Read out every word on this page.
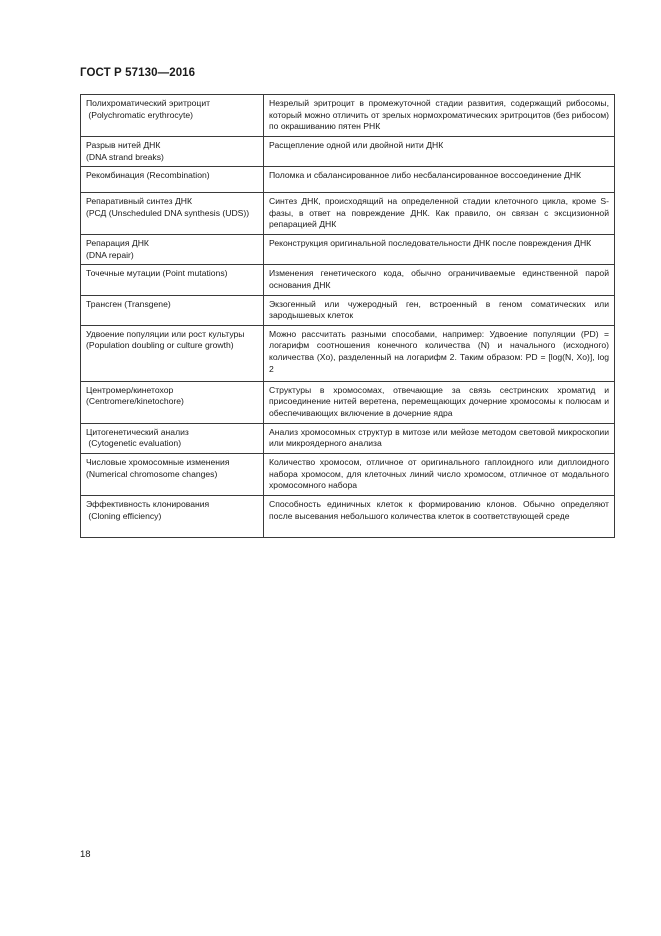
ГОСТ Р 57130—2016
Полихроматический эритроцит
(Polychromatic erythrocyte)	Незрелый эритроцит в промежуточной стадии развития, содержащий рибосомы, который можно отличить от зрелых нормохроматических эритроцитов (без рибосом) по окрашиванию пятен РНК

Разрыв нитей ДНК
(DNA strand breaks)	Расщепление одной или двойной нити ДНК

Рекомбинация (Recombination)	Поломка и сбалансированное либо несбалансированное воссоединение ДНК

Репаративный синтез ДНК
(РСД (Unscheduled DNA synthesis (UDS))	Синтез ДНК, происходящий на определенной стадии клеточного цикла, кроме S-фазы, в ответ на повреждение ДНК. Как правило, он связан с эксцизионной репарацией ДНК

Репарация ДНК
(DNA repair)	Реконструкция оригинальной последовательности ДНК после повреждения ДНК

Точечные мутации (Point mutations)	Изменения генетического кода, обычно ограничиваемые единственной парой основания ДНК

Трансген (Transgene)	Экзогенный или чужеродный ген, встроенный в геном соматических или зародышевых клеток

Удвоение популяции или рост культуры
(Population doubling or culture growth)	Можно рассчитать разными способами, например: Удвоение популяции (PD) = логарифм соотношения конечного количества (N) и начального (исходного) количества (Xo), разделенный на логарифм 2. Таким образом: PD = [log(N, Xo)], log 2

Центромер/кинетохор
(Centromere/kinetochore)	Структуры в хромосомах, отвечающие за связь сестринских хроматид и присоединение нитей веретена, перемещающих дочерние хромосомы к полюсам и обеспечивающих включение в дочерние ядра

Цитогенетический анализ
(Cytogenetic evaluation)	Анализ хромосомных структур в митозе или мейозе методом световой микроскопии или микроядерного анализа

Числовые хромосомные изменения
(Numerical chromosome changes)	Количество хромосом, отличное от оригинального гаплоидного или диплоидного набора хромосом, для клеточных линий число хромосом, отличное от модального хромосомного набора

Эффективность клонирования
(Cloning efficiency)	Способность единичных клеток к формированию клонов. Обычно определяют после высевания небольшого количества клеток в соответствующей среде
18
